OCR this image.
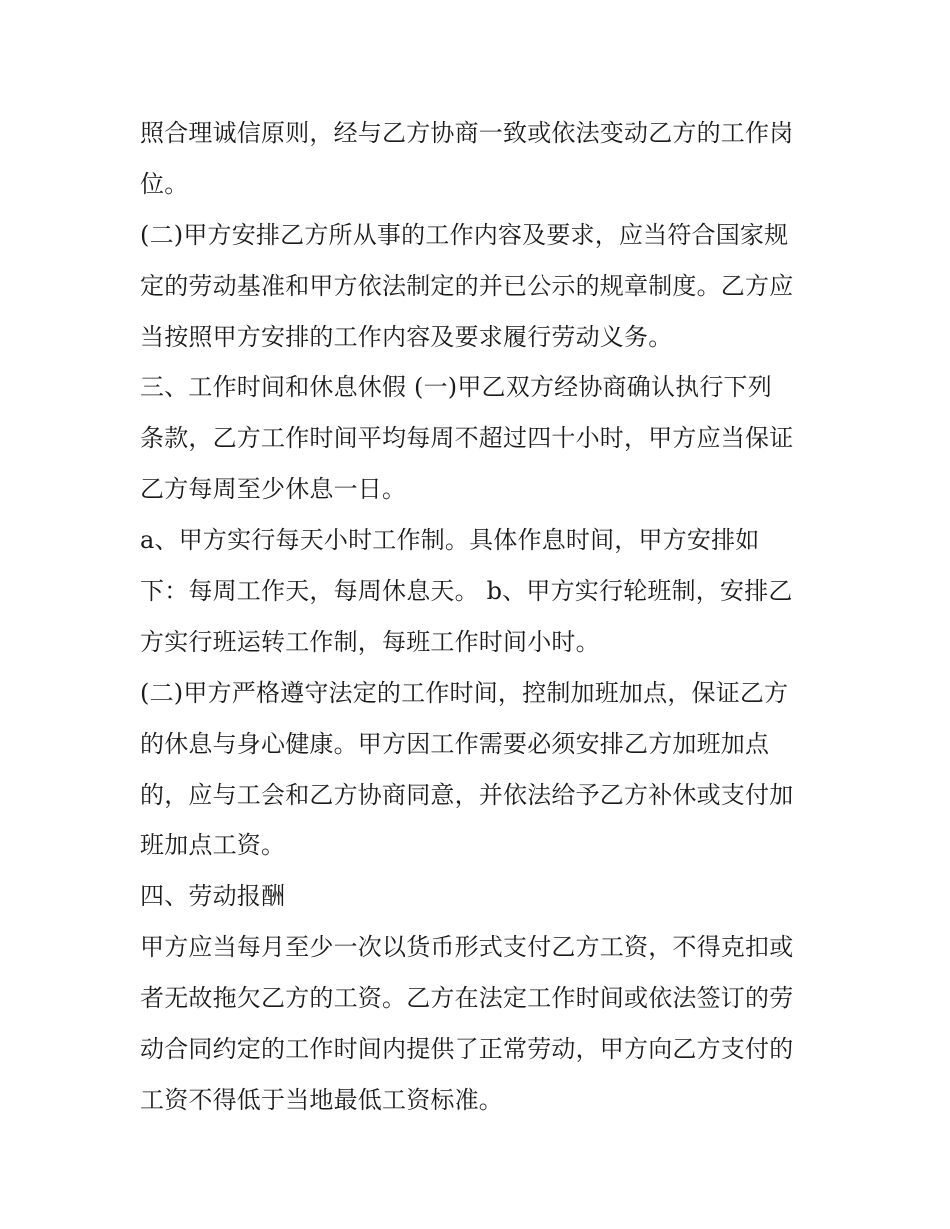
照合理诚信原则，经与乙方协商一致或依法变动乙方的工作岗
位。
(二)甲方安排乙方所从事的工作内容及要求，应当符合国家规
定的劳动基准和甲方依法制定的并已公示的规章制度。乙方应
当按照甲方安排的工作内容及要求履行劳动义务。
三、工作时间和休息休假 (一)甲乙双方经协商确认执行下列
条款，乙方工作时间平均每周不超过四十小时，甲方应当保证
乙方每周至少休息一日。
a、甲方实行每天小时工作制。具体作息时间，甲方安排如
下：每周工作天，每周休息天。 b、甲方实行轮班制，安排乙
方实行班运转工作制，每班工作时间小时。
(二)甲方严格遵守法定的工作时间，控制加班加点，保证乙方
的休息与身心健康。甲方因工作需要必须安排乙方加班加点
的，应与工会和乙方协商同意，并依法给予乙方补休或支付加
班加点工资。
四、劳动报酬
甲方应当每月至少一次以货币形式支付乙方工资，不得克扣或
者无故拖欠乙方的工资。乙方在法定工作时间或依法签订的劳
动合同约定的工作时间内提供了正常劳动，甲方向乙方支付的
工资不得低于当地最低工资标准。
